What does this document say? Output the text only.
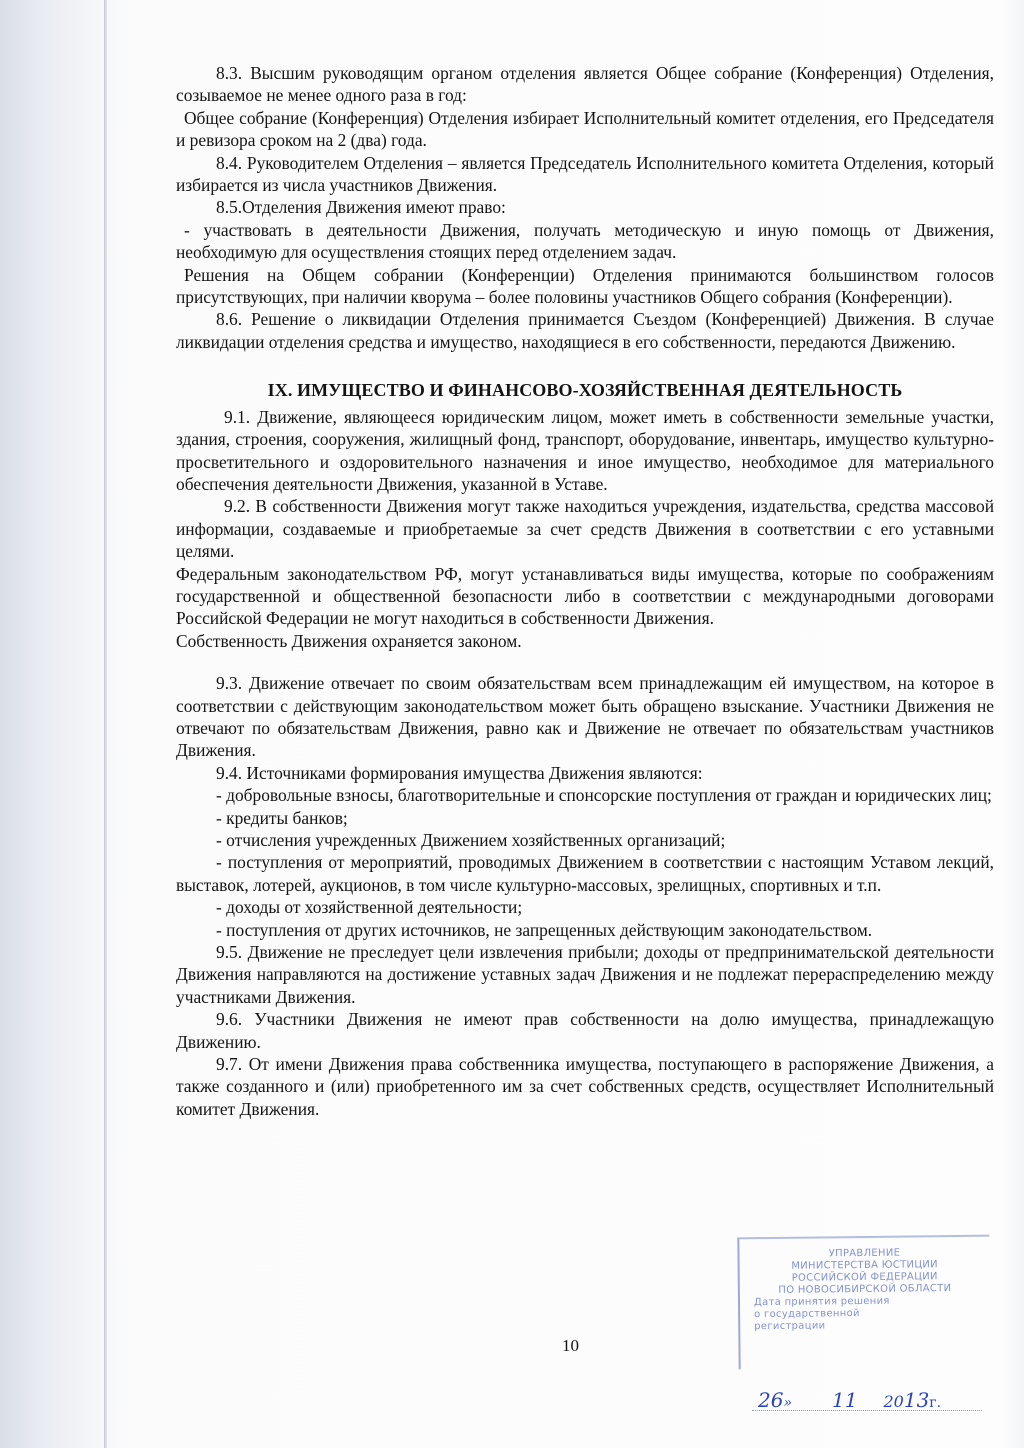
8.3. Высшим руководящим органом отделения является Общее собрание (Конференция) Отделения, созываемое не менее одного раза в год:

Общее собрание (Конференция) Отделения избирает Исполнительный комитет отделения, его Председателя и ревизора сроком на 2 (два) года.

8.4. Руководителем Отделения – является Председатель Исполнительного комитета Отделения, который избирается из числа участников Движения.

8.5.Отделения Движения имеют право:

- участвовать в деятельности Движения, получать методическую и иную помощь от Движения, необходимую для осуществления стоящих перед отделением задач.

Решения на Общем собрании (Конференции) Отделения принимаются большинством голосов присутствующих, при наличии кворума – более половины участников Общего собрания (Конференции).

8.6. Решение о ликвидации Отделения принимается Съездом (Конференцией) Движения. В случае ликвидации отделения средства и имущество, находящиеся в его собственности, передаются Движению.

IX. ИМУЩЕСТВО И ФИНАНСОВО-ХОЗЯЙСТВЕННАЯ ДЕЯТЕЛЬНОСТЬ

9.1. Движение, являющееся юридическим лицом, может иметь в собственности земельные участки, здания, строения, сооружения, жилищный фонд, транспорт, оборудование, инвентарь, имущество культурно-просветительного и оздоровительного назначения и иное имущество, необходимое для материального обеспечения деятельности Движения, указанной в Уставе.

9.2. В собственности Движения могут также находиться учреждения, издательства, средства массовой информации, создаваемые и приобретаемые за счет средств Движения в соответствии с его уставными целями.

Федеральным законодательством РФ, могут устанавливаться виды имущества, которые по соображениям государственной и общественной безопасности либо в соответствии с международными договорами Российской Федерации не могут находиться в собственности Движения.

Собственность Движения охраняется законом.

9.3. Движение отвечает по своим обязательствам всем принадлежащим ей имуществом, на которое в соответствии с действующим законодательством может быть обращено взыскание. Участники Движения не отвечают по обязательствам Движения, равно как и Движение не отвечает по обязательствам участников Движения.

9.4. Источниками формирования имущества Движения являются:

- добровольные взносы, благотворительные и спонсорские поступления от граждан и юридических лиц;

- кредиты банков;

- отчисления учрежденных Движением хозяйственных организаций;

- поступления от мероприятий, проводимых Движением в соответствии с настоящим Уставом лекций, выставок, лотерей, аукционов, в том числе культурно-массовых, зрелищных, спортивных и т.п.

- доходы от хозяйственной деятельности;

- поступления от других источников, не запрещенных действующим законодательством.

9.5. Движение не преследует цели извлечения прибыли; доходы от предпринимательской деятельности Движения направляются на достижение уставных задач Движения и не подлежат перераспределению между участниками Движения.

9.6. Участники Движения не имеют прав собственности на долю имущества, принадлежащую Движению.

9.7. От имени Движения права собственника имущества, поступающего в распоряжение Движения, а также созданного и (или) приобретенного им за счет собственных средств, осуществляет Исполнительный комитет Движения.

10
УПРАВЛЕНИЕ
МИНИСТЕРСТВА ЮСТИЦИИ
РОССИЙСКОЙ ФЕДЕРАЦИИ
ПО НОВОСИБИРСКОЙ ОБЛАСТИ
Дата принятия решения
о государственной
регистрации
26» 11 2013г.
